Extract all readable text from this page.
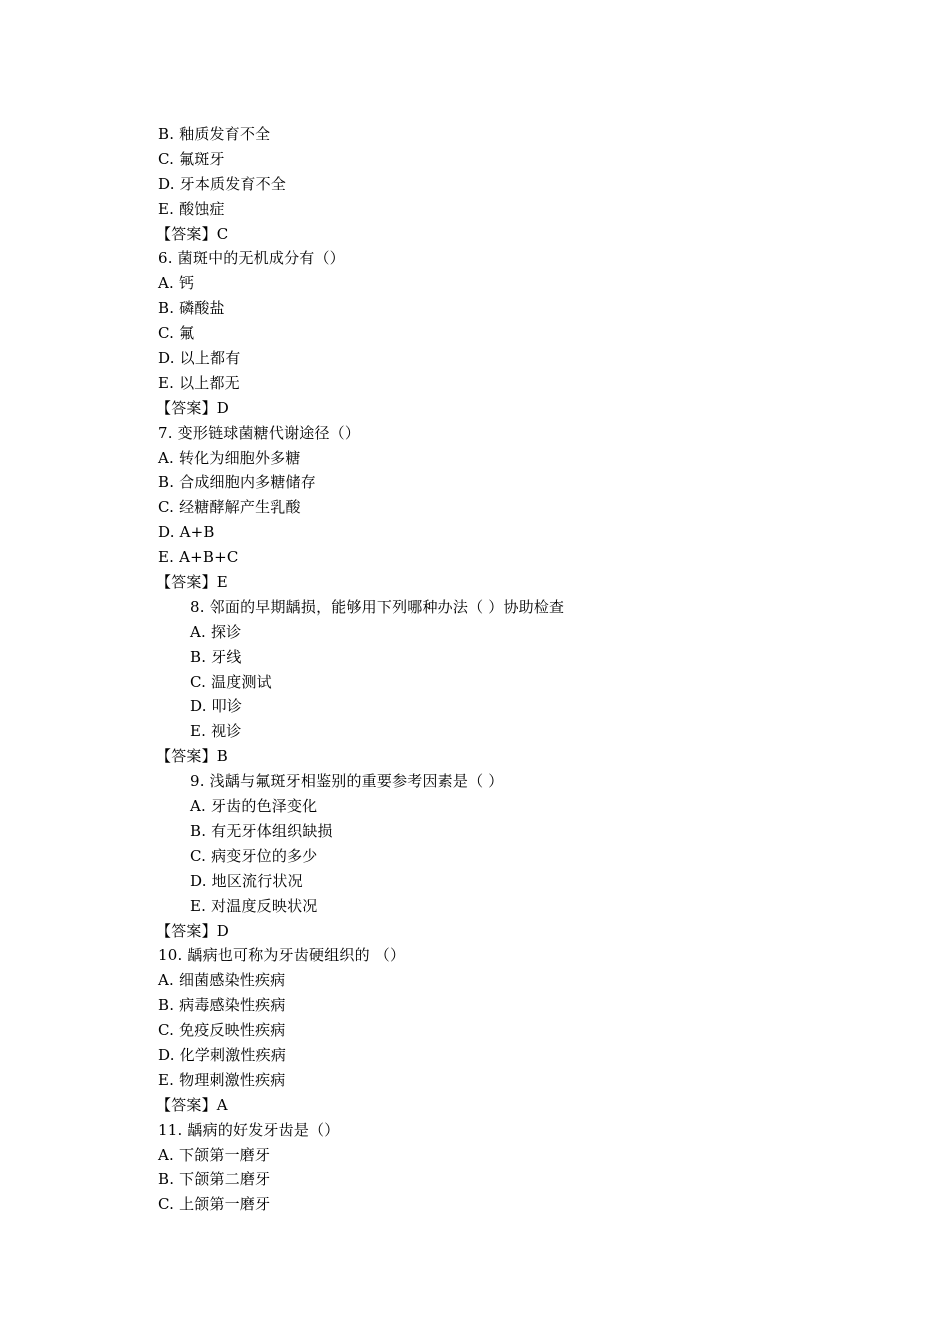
B. 釉质发育不全
C. 氟斑牙
D. 牙本质发育不全
E. 酸蚀症
【答案】C
6. 菌斑中的无机成分有（）
A. 钙
B. 磷酸盐
C. 氟
D. 以上都有
E. 以上都无
【答案】D
7. 变形链球菌糖代谢途径（）
A. 转化为细胞外多糖
B. 合成细胞内多糖储存
C. 经糖酵解产生乳酸
D. A+B
E. A+B+C
【答案】E
8. 邻面的早期龋损，能够用下列哪种办法（ ）协助检查
A. 探诊
B. 牙线
C. 温度测试
D. 叩诊
E. 视诊
【答案】B
9. 浅龋与氟斑牙相鉴别的重要参考因素是（ ）
A. 牙齿的色泽变化
B. 有无牙体组织缺损
C. 病变牙位的多少
D. 地区流行状况
E. 对温度反映状况
【答案】D
10. 龋病也可称为牙齿硬组织的 （）
A. 细菌感染性疾病
B. 病毒感染性疾病
C. 免疫反映性疾病
D. 化学刺激性疾病
E. 物理刺激性疾病
【答案】A
11. 龋病的好发牙齿是（）
A. 下颌第一磨牙
B. 下颌第二磨牙
C. 上颌第一磨牙
